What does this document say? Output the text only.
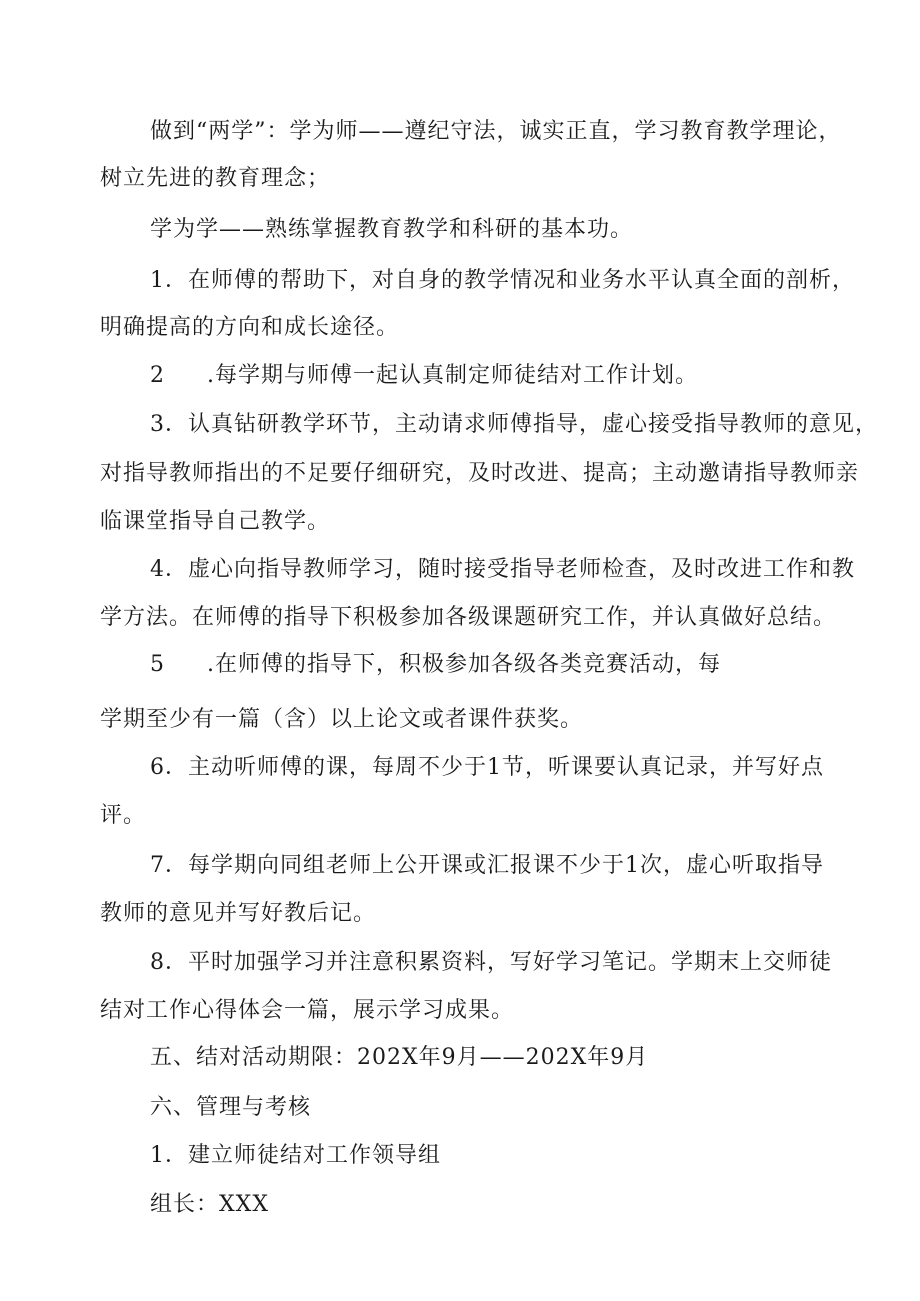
做到“两学”：学为师——遵纪守法，诚实正直，学习教育教学理论，
树立先进的教育理念；
学为学——熟练掌握教育教学和科研的基本功。
1．在师傅的帮助下，对自身的教学情况和业务水平认真全面的剖析，
明确提高的方向和成长途径。
2 .每学期与师傅一起认真制定师徒结对工作计划。
3．认真钻研教学环节，主动请求师傅指导，虚心接受指导教师的意见，
对指导教师指出的不足要仔细研究，及时改进、提高；主动邀请指导教师亲
临课堂指导自己教学。
4．虚心向指导教师学习，随时接受指导老师检查，及时改进工作和教
学方法。在师傅的指导下积极参加各级课题研究工作，并认真做好总结。
5 .在师傅的指导下，积极参加各级各类竞赛活动，每
学期至少有一篇（含）以上论文或者课件获奖。
6．主动听师傅的课，每周不少于1节，听课要认真记录，并写好点
评。
7．每学期向同组老师上公开课或汇报课不少于1次，虚心听取指导
教师的意见并写好教后记。
8．平时加强学习并注意积累资料，写好学习笔记。学期末上交师徒
结对工作心得体会一篇，展示学习成果。
五、结对活动期限：202X年9月——202X年9月
六、管理与考核
1．建立师徒结对工作领导组
组长：XXX
